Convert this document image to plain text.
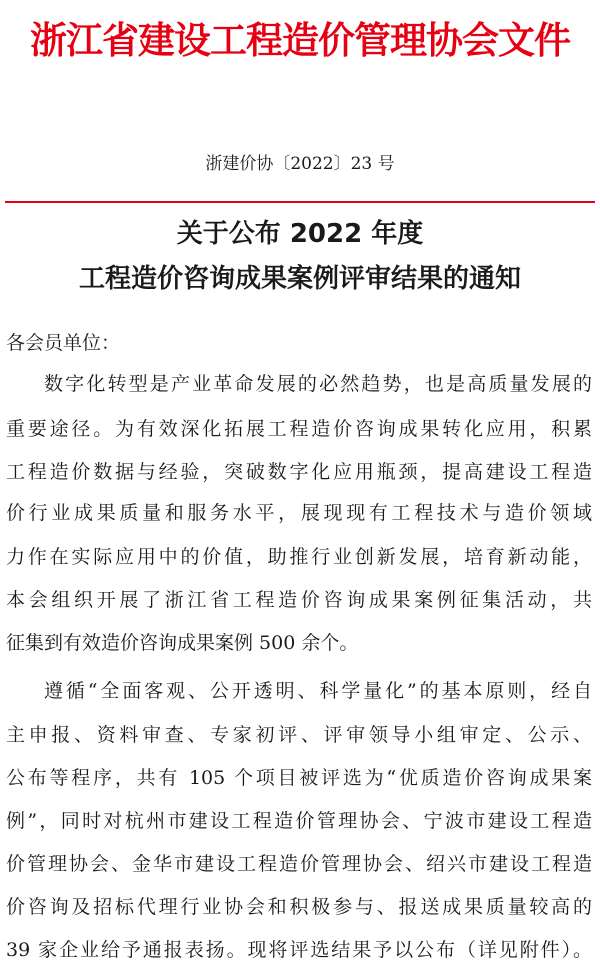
浙江省建设工程造价管理协会文件
浙建价协〔2022〕23 号
关于公布 2022 年度
工程造价咨询成果案例评审结果的通知
各会员单位：
数字化转型是产业革命发展的必然趋势，也是高质量发展的
重要途径。为有效深化拓展工程造价咨询成果转化应用，积累
工程造价数据与经验，突破数字化应用瓶颈，提高建设工程造
价行业成果质量和服务水平，展现现有工程技术与造价领域
力作在实际应用中的价值，助推行业创新发展，培育新动能，
本会组织开展了浙江省工程造价咨询成果案例征集活动，共
征集到有效造价咨询成果案例 500 余个。
遵循“全面客观、公开透明、科学量化”的基本原则，经自
主申报、资料审查、专家初评、评审领导小组审定、公示、
公布等程序，共有 105 个项目被评选为“优质造价咨询成果案
例”，同时对杭州市建设工程造价管理协会、宁波市建设工程造
价管理协会、金华市建设工程造价管理协会、绍兴市建设工程造
价咨询及招标代理行业协会和积极参与、报送成果质量较高的
39 家企业给予通报表扬。现将评选结果予以公布（详见附件）。
